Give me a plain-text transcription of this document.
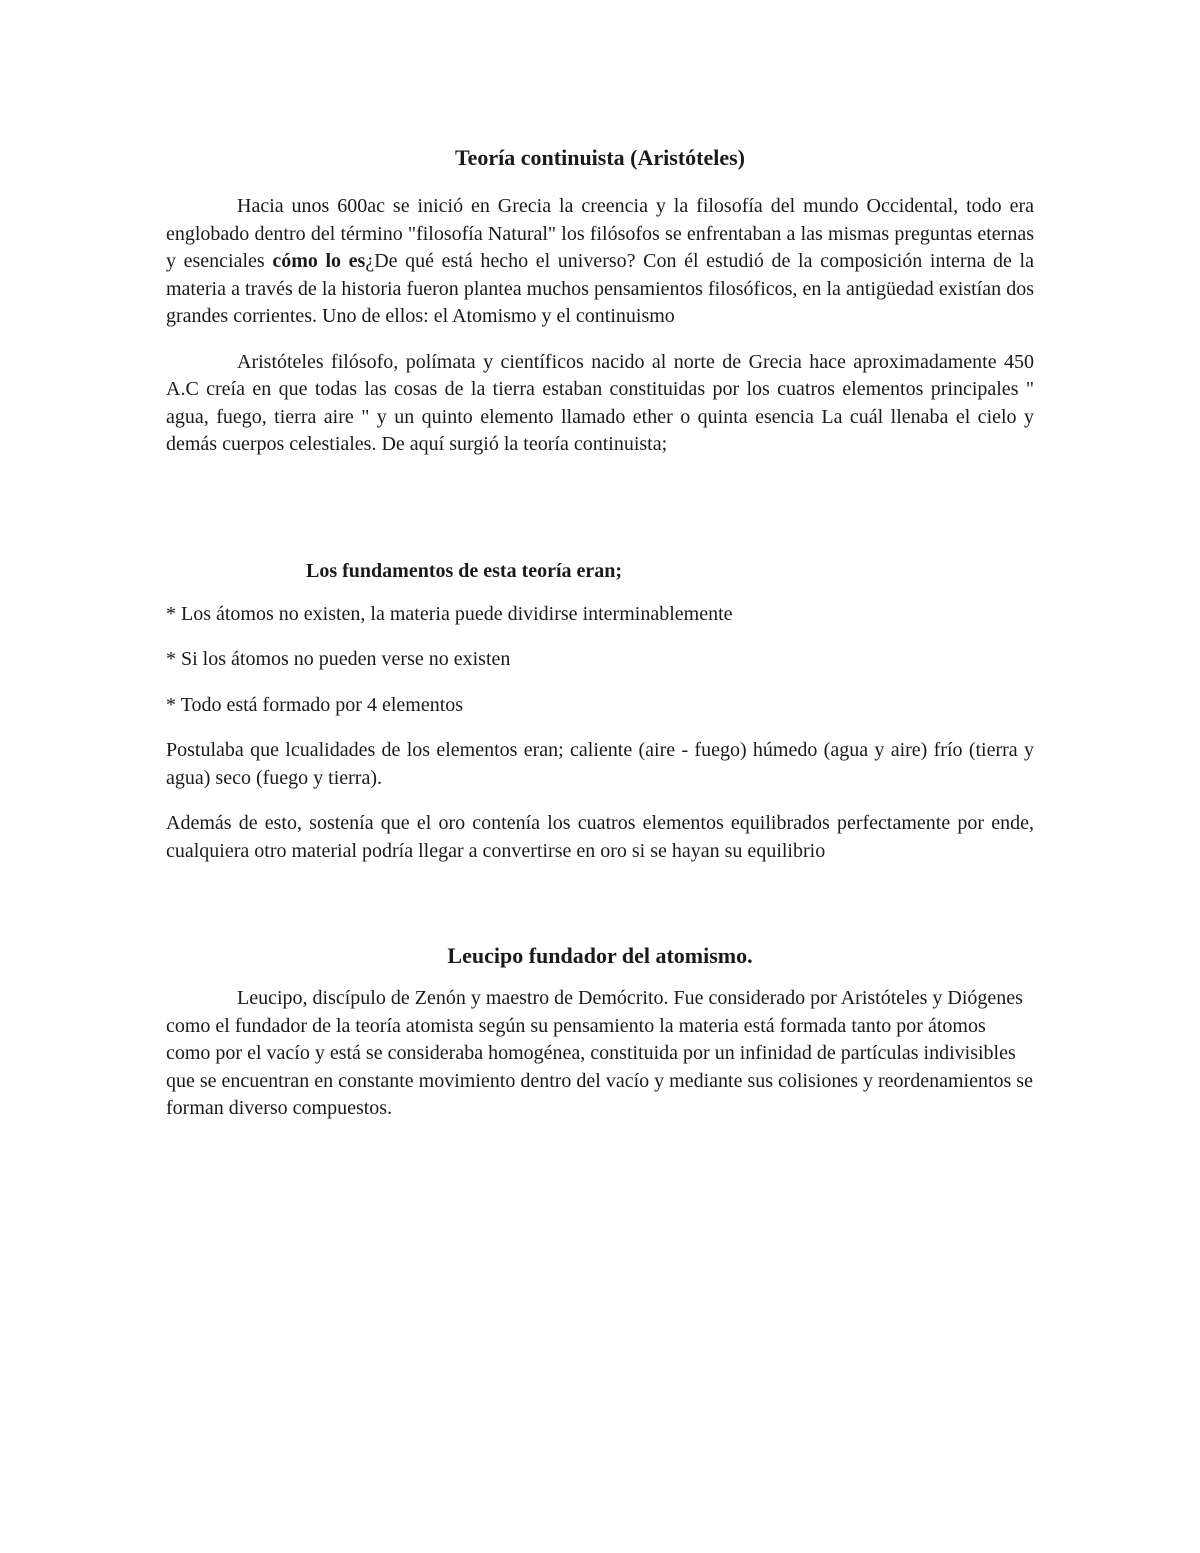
Teoría continuista (Aristóteles)

Hacia unos 600ac se inició en Grecia la creencia y la filosofía del mundo Occidental, todo era englobado dentro del término "filosofía Natural" los filósofos se enfrentaban a las mismas preguntas eternas y esenciales cómo lo es¿De qué está hecho el universo? Con él estudió de la composición interna de la materia a través de la historia fueron plantea muchos pensamientos filosóficos, en la antigüedad existían dos grandes corrientes. Uno de ellos: el Atomismo y el continuismo

Aristóteles filósofo, polímata y científicos nacido al norte de Grecia hace aproximadamente 450 A.C creía en que todas las cosas de la tierra estaban constituidas por los cuatros elementos principales " agua, fuego, tierra aire " y un quinto elemento llamado ether o quinta esencia La cuál llenaba el cielo y demás cuerpos celestiales. De aquí surgió la teoría continuista;

Los fundamentos de esta teoría eran;

* Los átomos no existen, la materia puede dividirse interminablemente

* Si los átomos no pueden verse no existen

* Todo está formado por 4 elementos

Postulaba que lcualidades de los elementos eran; caliente (aire - fuego) húmedo (agua y aire) frío (tierra y agua) seco (fuego y tierra).

Además de esto, sostenía que el oro contenía los cuatros elementos equilibrados perfectamente por ende, cualquiera otro material podría llegar a convertirse en oro si se hayan su equilibrio

Leucipo fundador del atomismo.

Leucipo, discípulo de Zenón y maestro de Demócrito. Fue considerado por Aristóteles y Diógenes como el fundador de la teoría atomista según su pensamiento la materia está formada tanto por átomos como por el vacío y está se consideraba homogénea, constituida por un infinidad de partículas indivisibles que se encuentran en constante movimiento dentro del vacío y mediante sus colisiones y reordenamientos se forman diverso compuestos.
